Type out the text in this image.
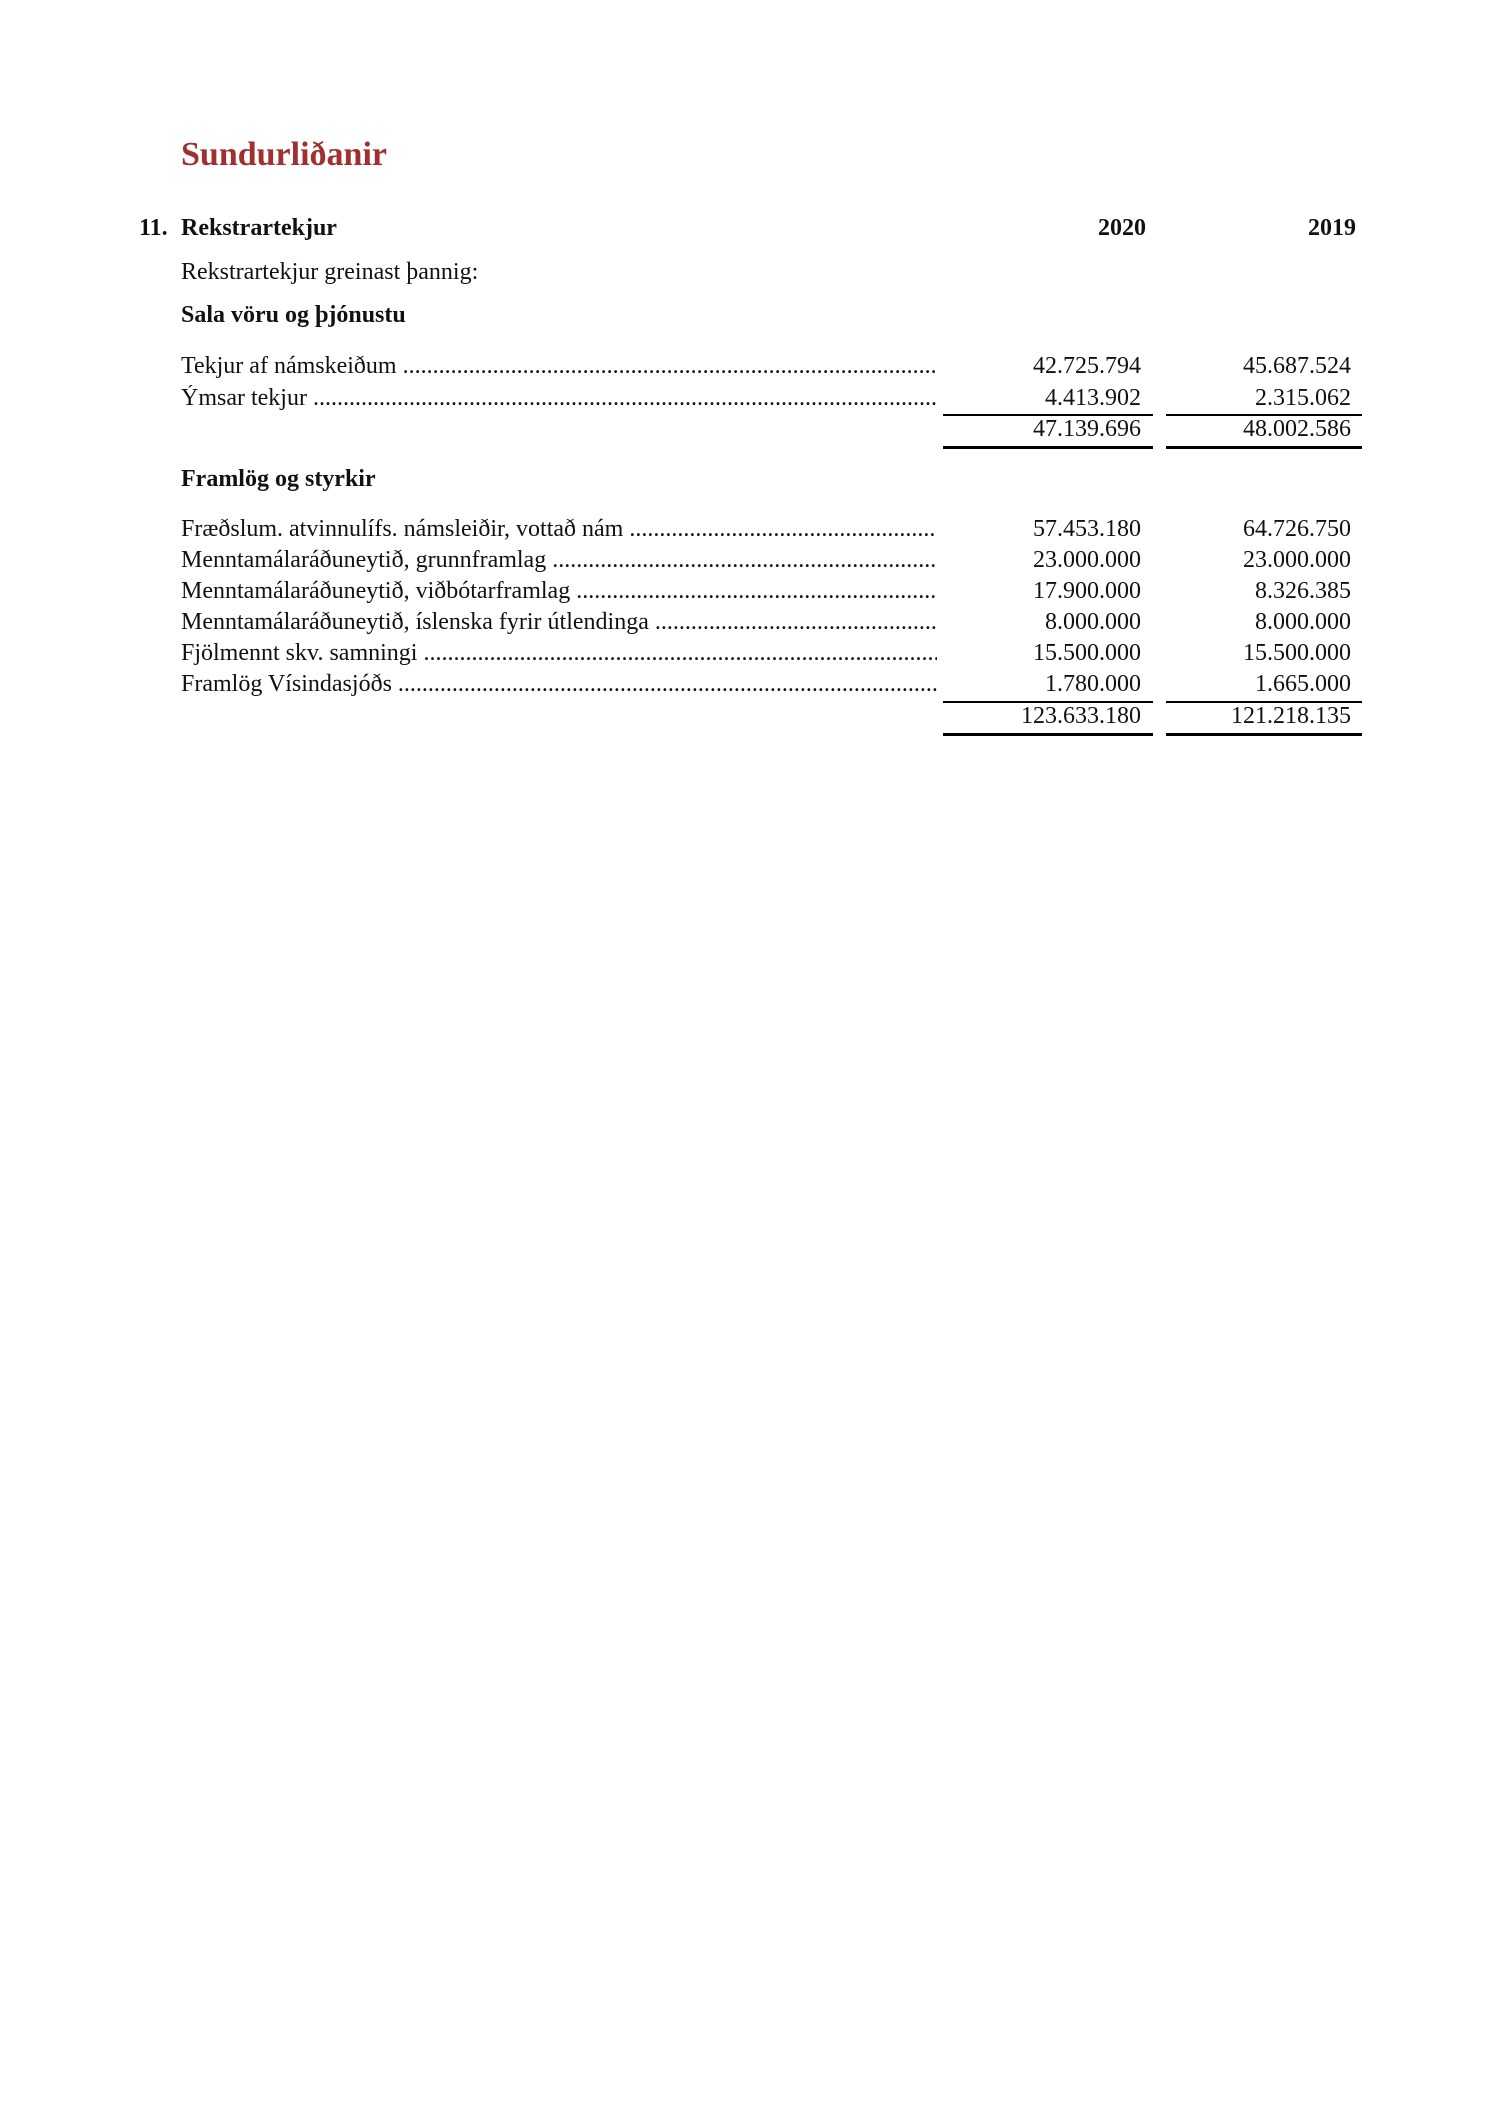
Sundurliðanir
11. Rekstrartekjur	2020	2019
Rekstrartekjur greinast þannig:
Sala vöru og þjónustu
Tekjur af námskeiðum .....	42.725.794	45.687.524
Ýmsar tekjur .....	4.413.902	2.315.062
47.139.696	48.002.586
Framlög og styrkir
Fræðslum. atvinnulífs. námsleiðir, vottað nám .....	57.453.180	64.726.750
Menntamálaráðuneytið, grunnframlag .....	23.000.000	23.000.000
Menntamálaráðuneytið, viðbótarframlag .....	17.900.000	8.326.385
Menntamálaráðuneytið, íslenska fyrir útlendinga .....	8.000.000	8.000.000
Fjölmennt skv. samningi .....	15.500.000	15.500.000
Framlög Vísindasjóðs .....	1.780.000	1.665.000
123.633.180	121.218.135
